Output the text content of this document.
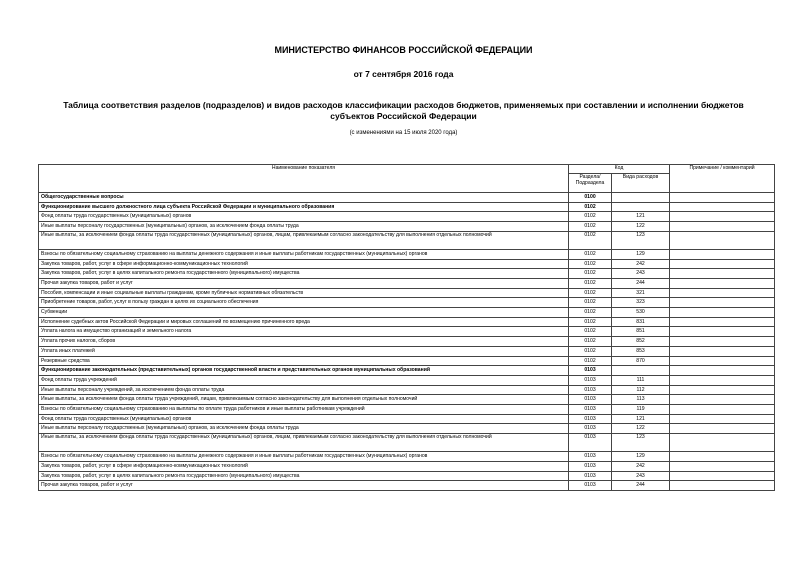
МИНИСТЕРСТВО ФИНАНСОВ РОССИЙСКОЙ ФЕДЕРАЦИИ
от 7 сентября 2016 года
Таблица соответствия разделов (подразделов) и видов расходов классификации расходов бюджетов, применяемых при составлении и исполнении бюджетов субъектов Российской Федерации
(с изменениями на 15 июля 2020 года)
Наименование показателя	Код		Примечание / комментарий
	Раздела/ Подраздела	Вида расходов	
Общегосударственные вопросы	0100		
Функционирование высшего должностного лица субъекта Российской Федерации и муниципального образования	0102		
Фонд оплаты труда государственных (муниципальных) органов	0102	121	
Иные выплаты персоналу государственных (муниципальных) органов, за исключением фонда оплаты труда	0102	122	
Иные выплаты, за исключением фонда оплаты труда государственных (муниципальных) органов, лицам, привлекаемым согласно законодательству для выполнения отдельных полномочий	0102	123	
Взносы по обязательному социальному страхованию на выплаты денежного содержания и иные выплаты работникам государственных (муниципальных) органов	0102	129	
Закупка товаров, работ, услуг в сфере информационно-коммуникационных технологий	0102	242	
Закупка товаров, работ, услуг в целях капитального ремонта государственного (муниципального) имущества	0102	243	
Прочая закупка товаров, работ и услуг	0102	244	
Пособия, компенсации и иные социальные выплаты гражданам, кроме публичных нормативных обязательств	0102	321	
Приобретение товаров, работ, услуг в пользу граждан в целях их социального обеспечения	0102	323	
Субвенции	0102	530	
Исполнение судебных актов Российской Федерации и мировых соглашений по возмещению причиненного вреда	0102	831	
Уплата налога на имущество организаций и земельного налога	0102	851	
Уплата прочих налогов, сборов	0102	852	
Уплата иных платежей	0102	853	
Резервные средства	0102	870	
Функционирование законодательных (представительных) органов государственной власти и представительных органов муниципальных образований	0103		
Фонд оплаты труда учреждений	0103	111	
Иные выплаты персоналу учреждений, за исключением фонда оплаты труда	0103	112	
Иные выплаты, за исключением фонда оплаты труда учреждений, лицам, привлекаемым согласно законодательству для выполнения отдельных полномочий	0103	113	
Взносы по обязательному социальному страхованию на выплаты по оплате труда работников и иные выплаты работникам учреждений	0103	119	
Фонд оплаты труда государственных (муниципальных) органов	0103	121	
Иные выплаты персоналу государственных (муниципальных) органов, за исключением фонда оплаты труда	0103	122	
Иные выплаты, за исключением фонда оплаты труда государственных (муниципальных) органов, лицам, привлекаемым согласно законодательству для выполнения отдельных полномочий	0103	123	
Взносы по обязательному социальному страхованию на выплаты денежного содержания и иные выплаты работникам государственных (муниципальных) органов	0103	129	
Закупка товаров, работ, услуг в сфере информационно-коммуникационных технологий	0103	242	
Закупка товаров, работ, услуг в целях капитального ремонта государственного (муниципального) имущества	0103	243	
Прочая закупка товаров, работ и услуг	0103	244	
